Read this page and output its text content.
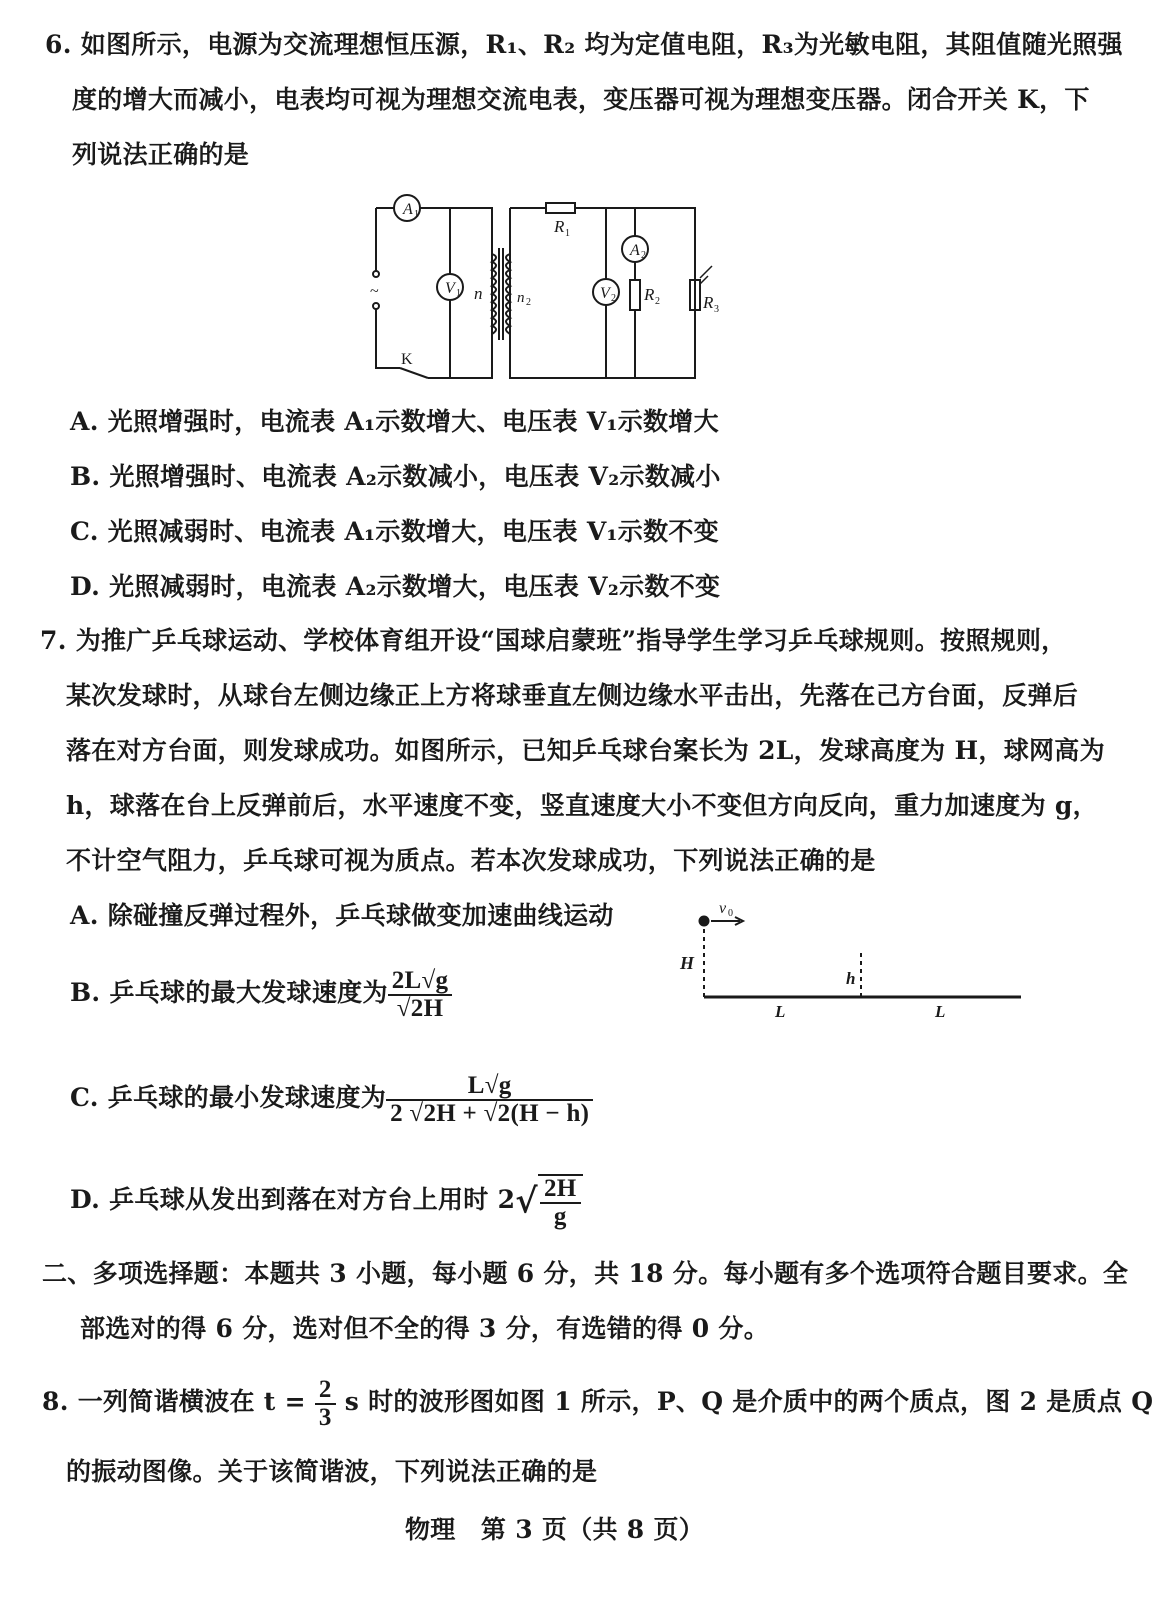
6. 如图所示，电源为交流理想恒压源，R₁、R₂ 均为定值电阻，R₃为光敏电阻，其阻值随光照强
度的增大而减小，电表均可视为理想交流电表，变压器可视为理想变压器。闭合开关 K，下
列说法正确的是
A 1
V 1 n n 2
R 1
V 2
A 2
R 2	R 3
K
~
A. 光照增强时，电流表 A₁示数增大、电压表 V₁示数增大
B. 光照增强时、电流表 A₂示数减小，电压表 V₂示数减小
C. 光照减弱时、电流表 A₁示数增大，电压表 V₁示数不变
D. 光照减弱时，电流表 A₂示数增大，电压表 V₂示数不变
7. 为推广乒乓球运动、学校体育组开设“国球启蒙班”指导学生学习乒乓球规则。按照规则，
某次发球时，从球台左侧边缘正上方将球垂直左侧边缘水平击出，先落在己方台面，反弹后
落在对方台面，则发球成功。如图所示，已知乒乓球台案长为 2L，发球高度为 H，球网高为
h，球落在台上反弹前后，水平速度不变，竖直速度大小不变但方向反向，重力加速度为 g，
不计空气阻力，乒乓球可视为质点。若本次发球成功，下列说法正确的是
A. 除碰撞反弹过程外，乒乓球做变加速曲线运动
B. 乒乓球的最大发球速度为 $\frac{2L√g}{√2H}$
C. 乒乓球的最小发球速度为 $\frac{L√g}{2 √2H + √2(H - h)}$
D. 乒乓球从发出到落在对方台上用时 $2√ \frac{2H}{g}$
v 0
H
h
L	L
二、多项选择题：本题共 3 小题，每小题 6 分，共 18 分。每小题有多个选项符合题目要求。全
部选对的得 6 分，选对但不全的得 3 分，有选错的得 0 分。
8. 一列简谐横波在 $t = \frac{2}{3}$ s 时的波形图如图 1 所示，P、Q 是介质中的两个质点，图 2 是质点 Q
的振动图像。关于该简谐波，下列说法正确的是
物理　第 3 页（共 8 页）
